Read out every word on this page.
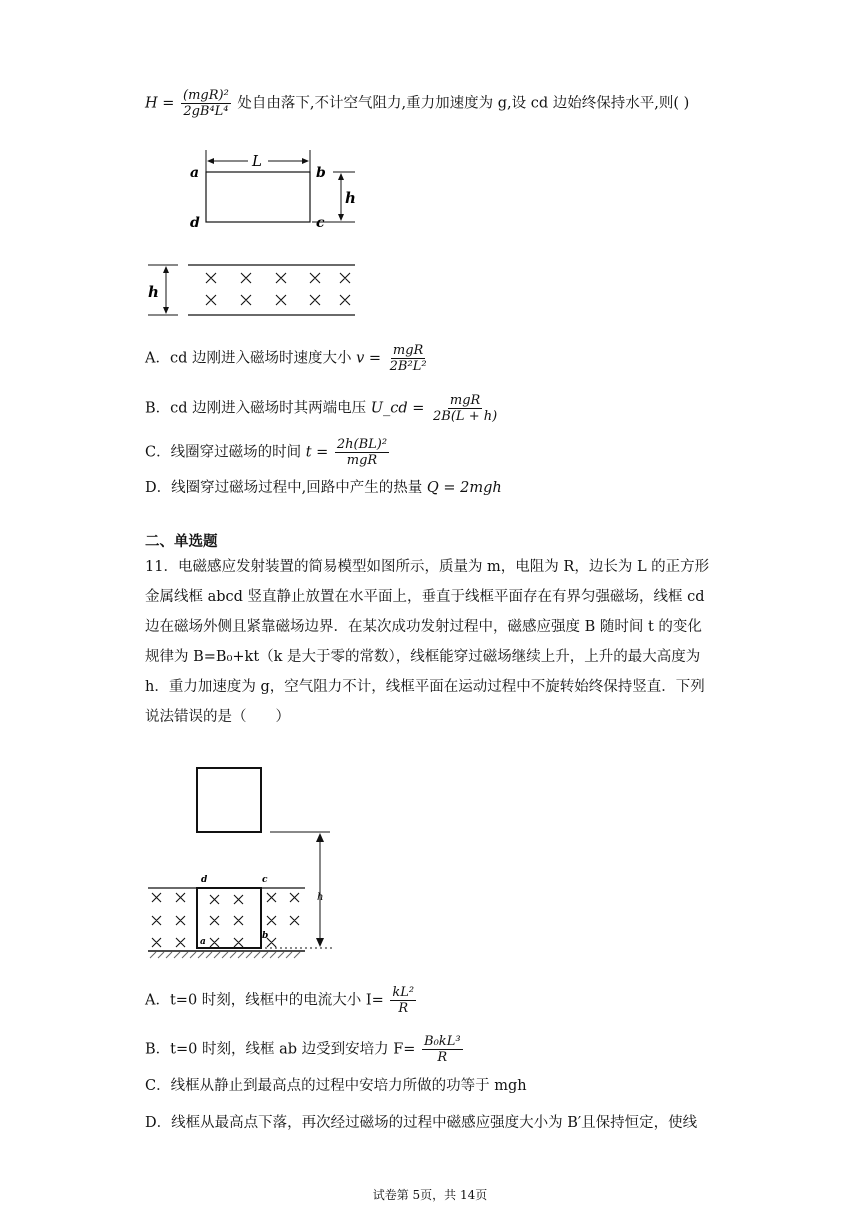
$H = \frac{\text{(mgR)²}}{\text{2gB⁴L⁴}}$ 处自由落下,不计空气阻力,重力加速度为 g,设 cd 边始终保持水平,则( )
L
a	b
c
d
h
h
A．cd 边刚进入磁场时速度大小 $v = \frac{\text{mgR}}{\text{2B²L²}}$
B．cd 边刚进入磁场时其两端电压 U_cd = $\frac{\text{mgR}}{2B(L + h)}$
C．线圈穿过磁场的时间 $t = \frac{\text{2h(BL)²}}{\text{mgR}}$
D．线圈穿过磁场过程中,回路中产生的热量 Q = 2mgh
二、单选题
11．电磁感应发射装置的简易模型如图所示，质量为 m，电阻为 R，边长为 L 的正方形金属线框 abcd 竖直静止放置在水平面上，垂直于线框平面存在有界匀强磁场，线框 cd 边在磁场外侧且紧靠磁场边界．在某次成功发射过程中，磁感应强度 B 随时间 t 的变化规律为 B=B₀+kt（k 是大于零的常数），线框能穿过磁场继续上升，上升的最大高度为 h．重力加速度为 g，空气阻力不计，线框平面在运动过程中不旋转始终保持竖直．下列说法错误的是（　　）
h
d	c
a
b
A．t=0 时刻，线框中的电流大小 $I= \frac{\text{kL²}}{R}$
B．t=0 时刻，线框 ab 边受到安培力 $F= \frac{\text{B₀kL³}}{R}$
C．线框从静止到最高点的过程中安培力所做的功等于 mgh
D．线框从最高点下落，再次经过磁场的过程中磁感应强度大小为 B′且保持恒定，使线
试卷第 5页，共 14页
